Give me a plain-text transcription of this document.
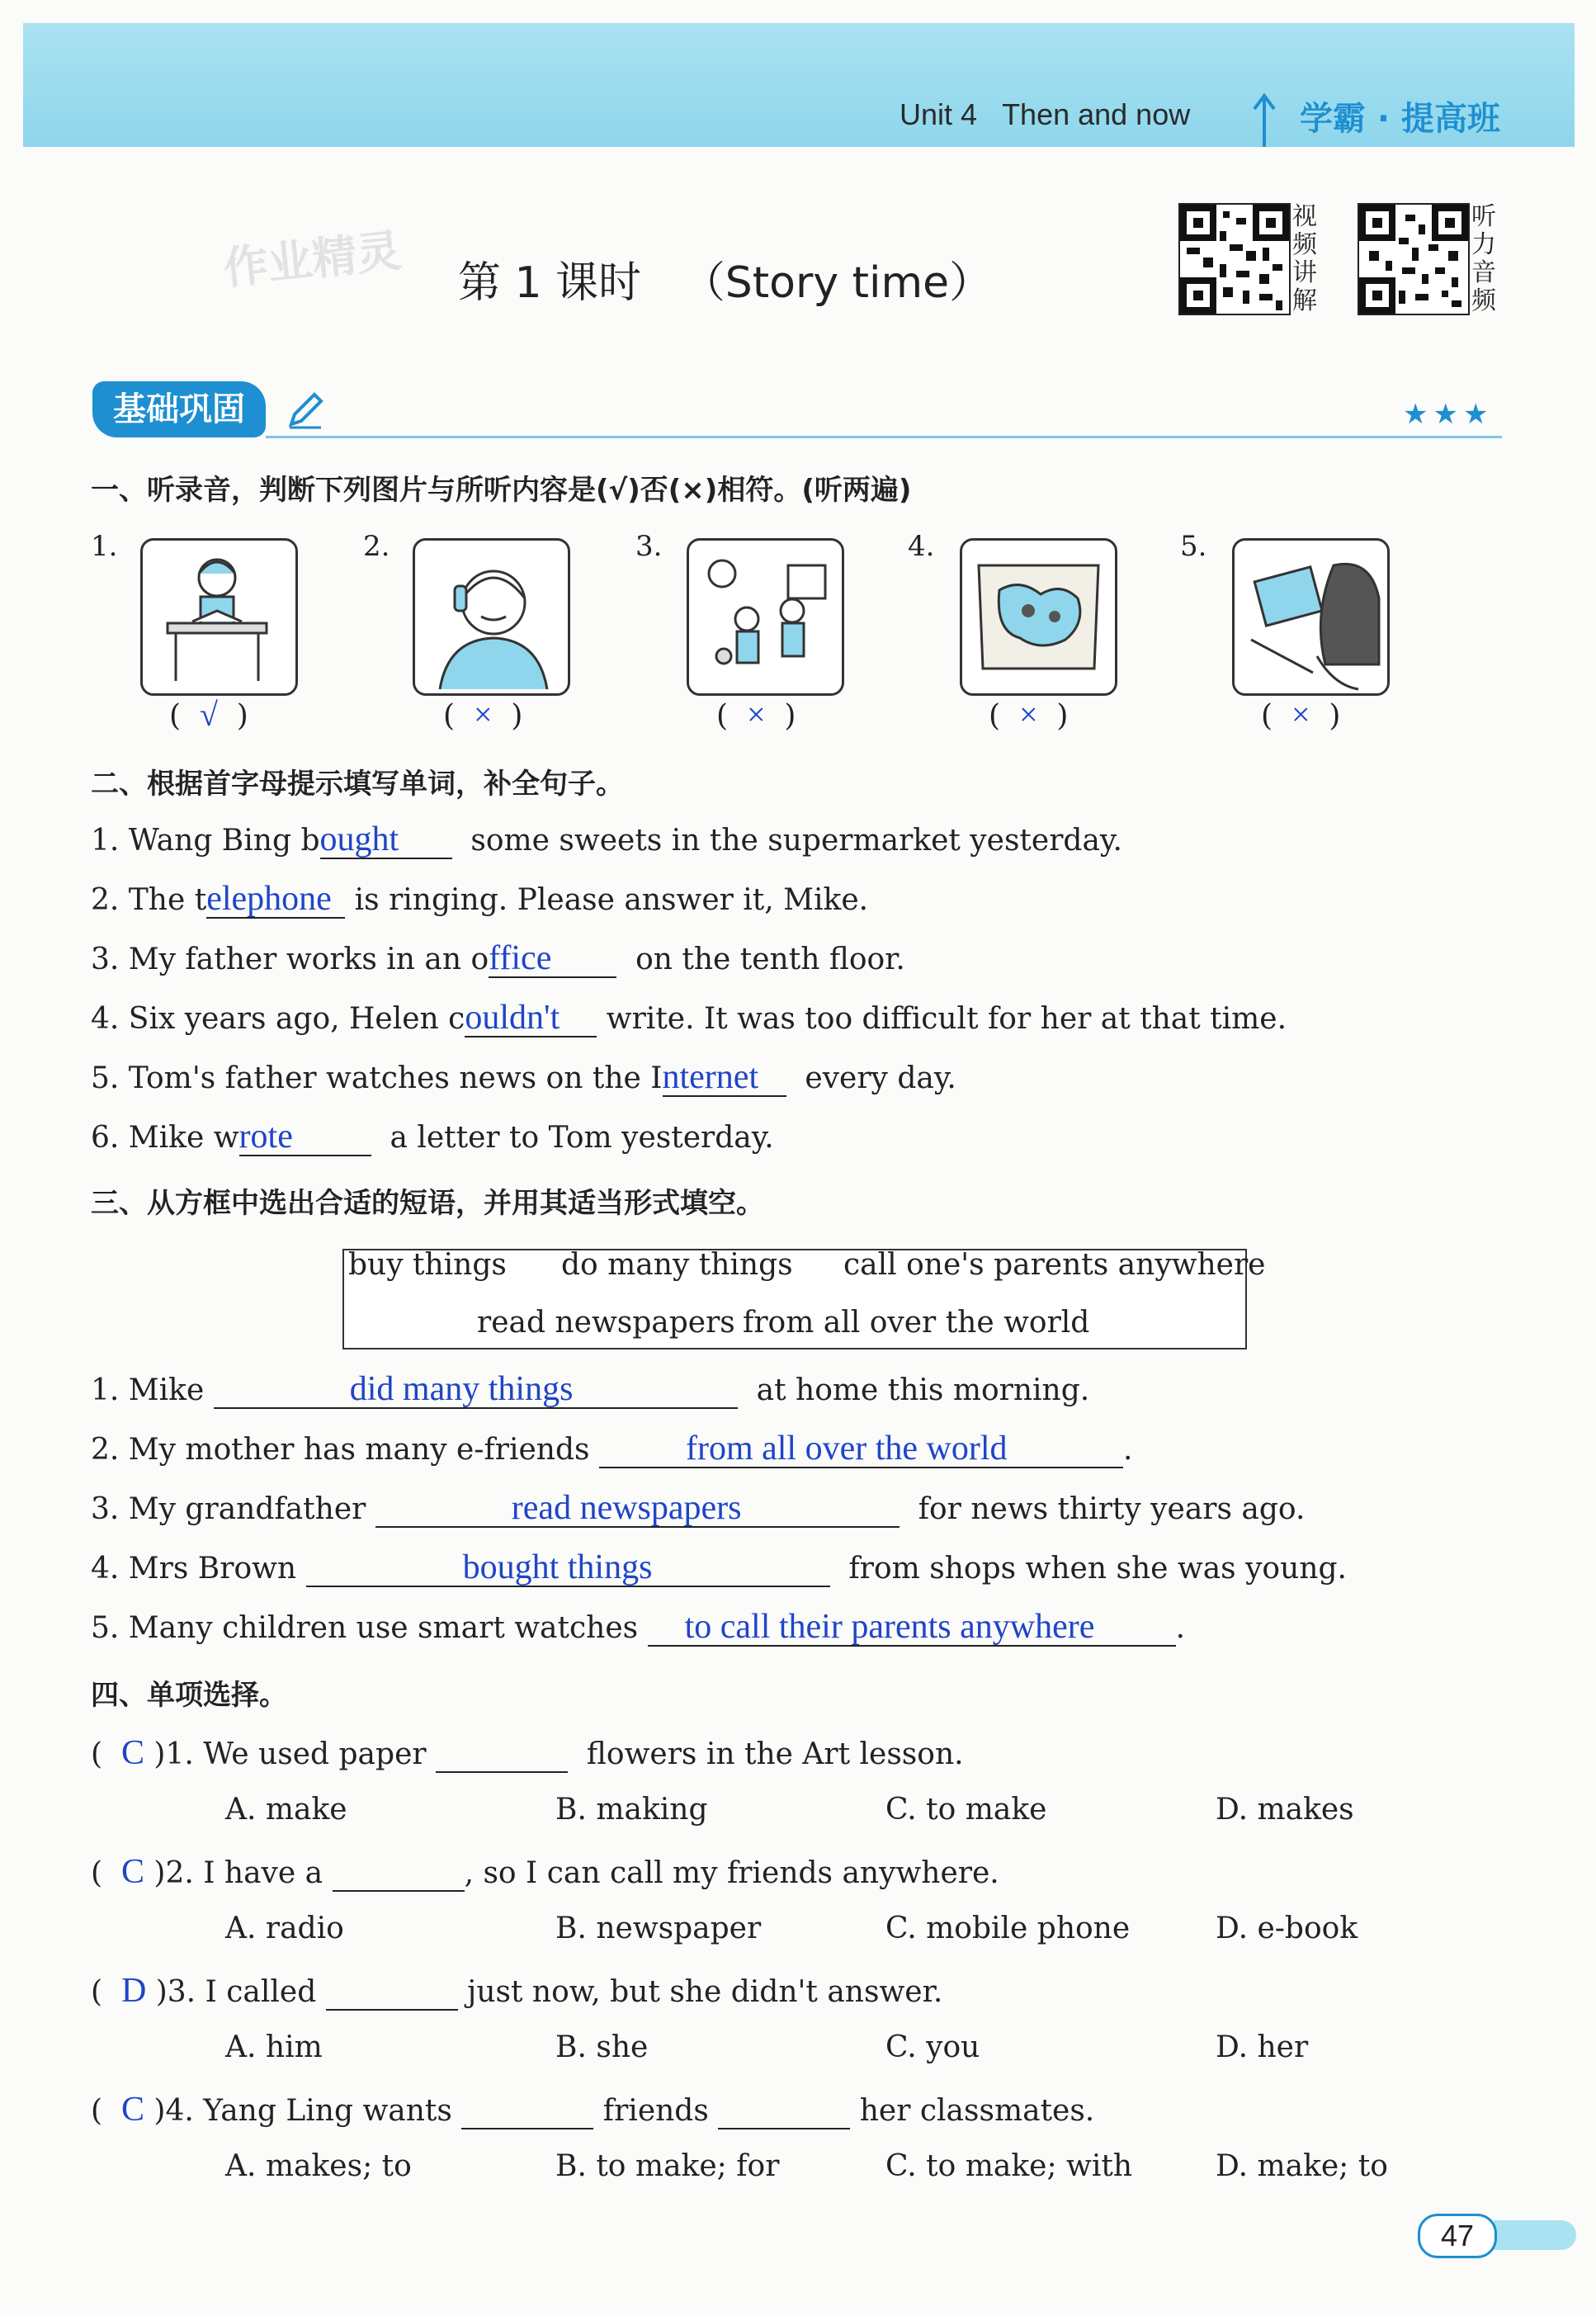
Unit 4 Then and now	学霸 · 提高班
作业精灵 第 1 课时 （Story time）
视频讲解
听力音频
基础巩固	★★★
一、听录音，判断下列图片与所听内容是(√)否(×)相符。(听两遍)
1.
(  √  )
2.
(  ×  )
3.
(  ×  )
4.
(  ×  )
5.
(  ×  )
二、根据首字母提示填写单词，补全句子。
1. Wang Bing b ought some sweets in the supermarket yesterday.
2. The t elephone is ringing. Please answer it, Mike.
3. My father works in an o ffice	on the tenth floor.
4. Six years ago, Helen c ouldn't write. It was too difficult for her at that time.
5. Tom's father watches news on the I nternet every day.
6. Mike w rote	a letter to Tom yesterday.
三、从方框中选出合适的短语，并用其适当形式填空。
buy things do many things call one's parents anywhere
read newspapers from all over the world
1. Mike	did many things	at home this morning.
2. My mother has many e-friends	from all over the world	.
3. My grandfather	read newspapers	for news thirty years ago.
4. Mrs Brown	bought things	from shops when she was young.
5. Many children use smart watches to call their parents anywhere	.
四、单项选择。
(  C )1. We used paper	flowers in the Art lesson.
A. make	B. making	C. to make	D. makes
(  C )2. I have a	, so I can call my friends anywhere.
A. radio	B. newspaper	C. mobile phone	D. e-book
(  D )3. I called	just now, but she didn't answer.
A. him	B. she	C. you	D. her
(  C )4. Yang Ling wants	friends	her classmates.
A. makes; to	B. to make; for	C. to make; with	D. make; to
47
